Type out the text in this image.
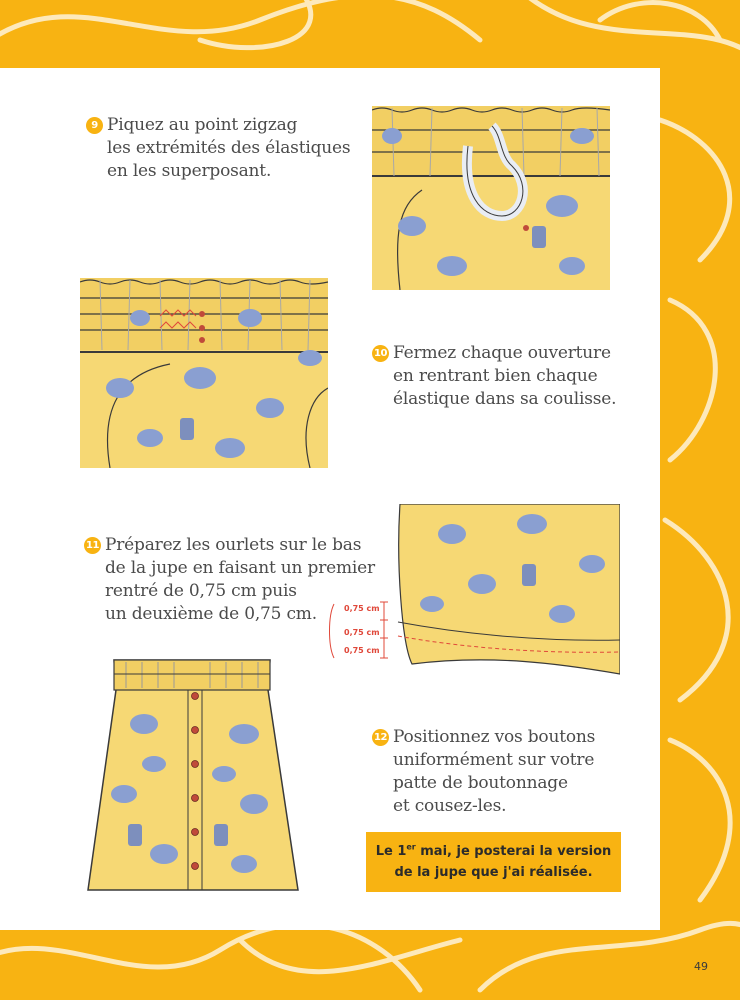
9 Piquez au point zigzag
les extrémités des élastiques
en les superposant.
10 Fermez chaque ouverture
en rentrant bien chaque
élastique dans sa coulisse.
11 Préparez les ourlets sur le bas
de la jupe en faisant un premier
rentré de 0,75 cm puis
un deuxième de 0,75 cm.
12 Positionnez vos boutons
uniformément sur votre
patte de boutonnage
et cousez-les.
0,75 cm
0,75 cm
0,75 cm
Le 1er mai, je posterai la version
de la jupe que j'ai réalisée.
49
